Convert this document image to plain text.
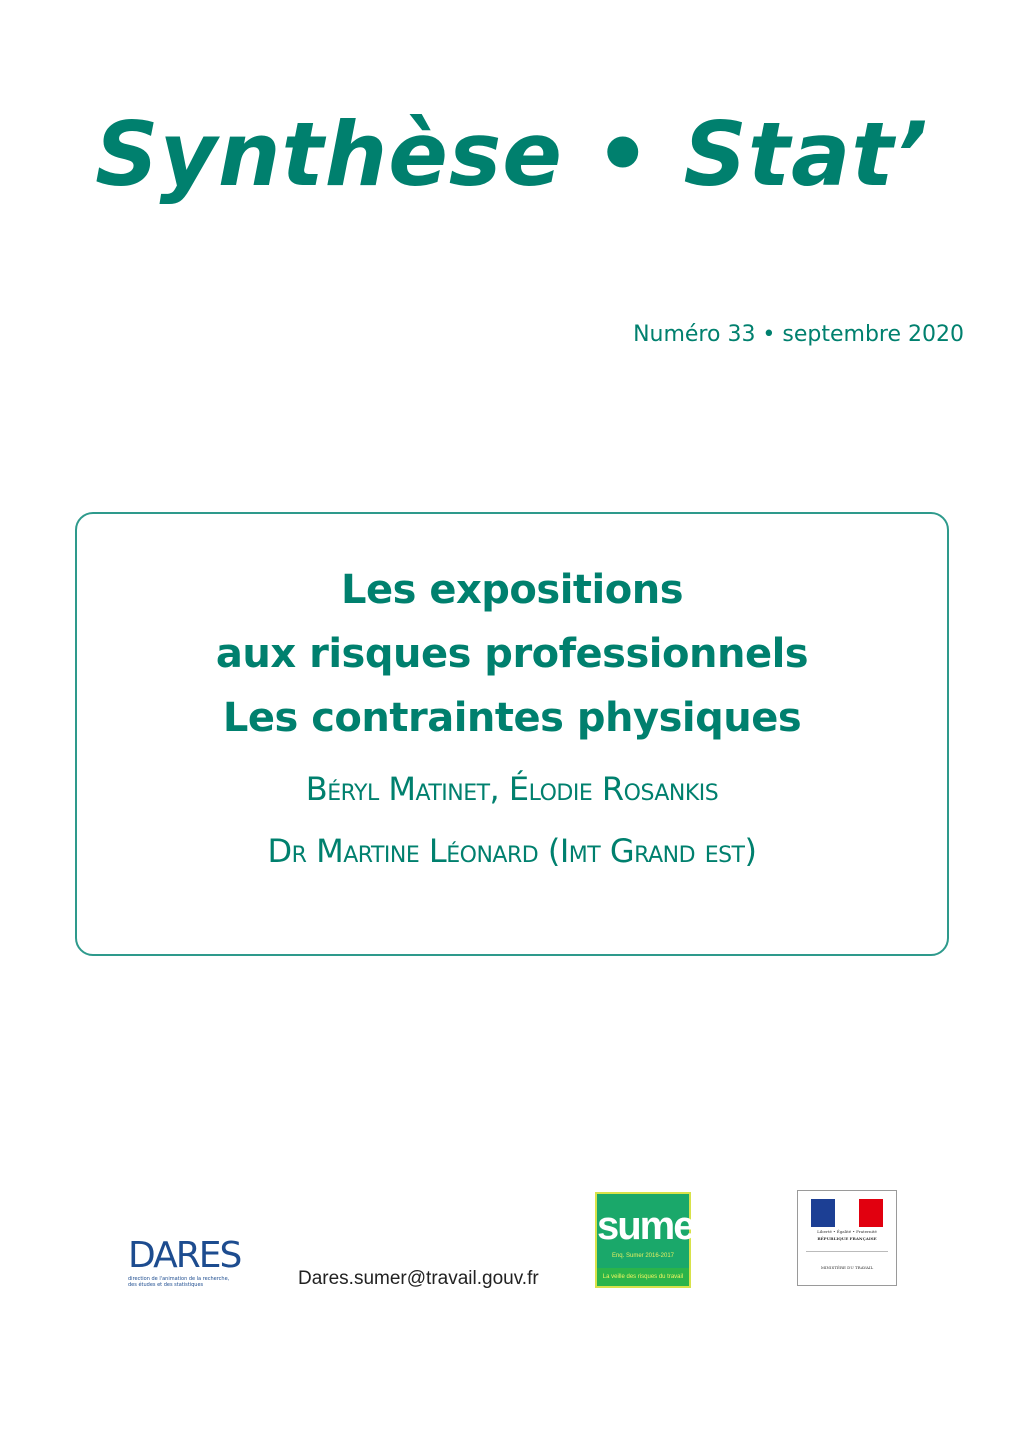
Synthèse • Stat’
Numéro 33 • septembre 2020
Les expositions
aux risques professionnels
Les contraintes physiques
Béryl Matinet, Élodie Rosankis
Dr Martine Léonard (Imt Grand est)
DARES
direction de l'animation de la recherche, des études et des statistiques	Dares.sumer@travail.gouv.fr
sumer
Enq. Sumer 2016-2017
La veille des risques du travail
Liberté • Égalité • Fraternité
RÉPUBLIQUE FRANÇAISE
MINISTÈRE DU TRAVAIL
